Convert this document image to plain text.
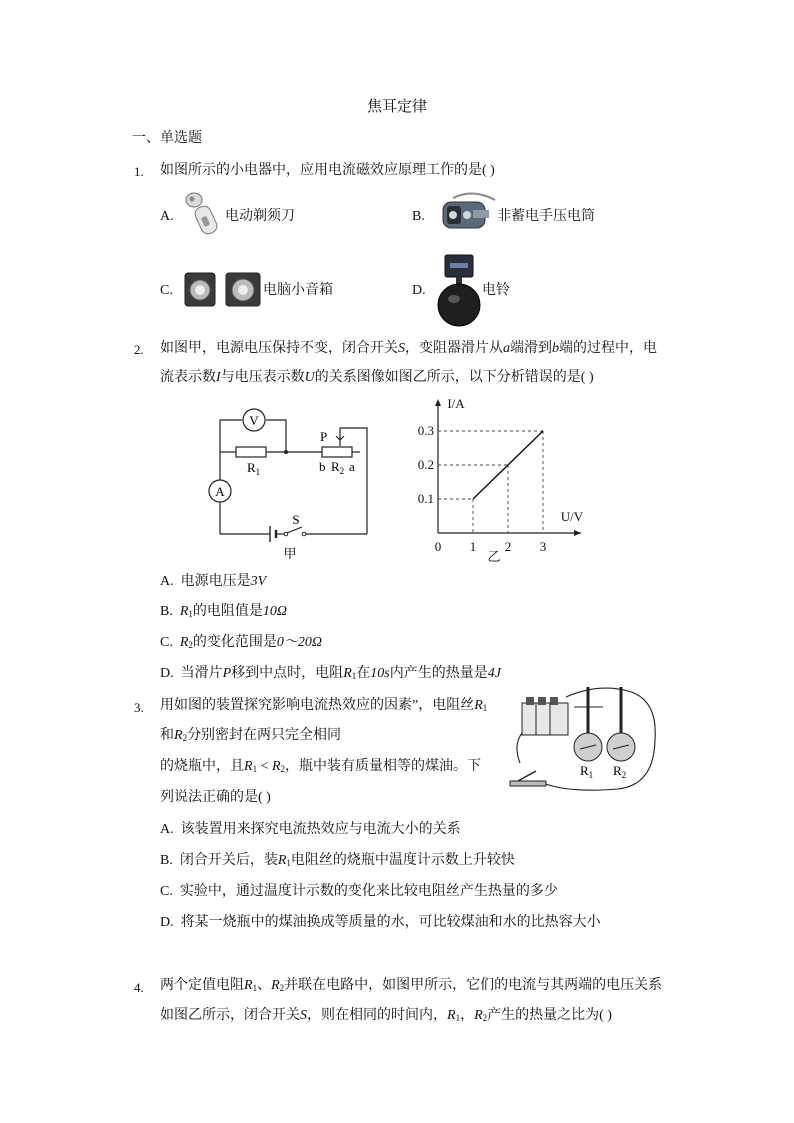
焦耳定律
一、单选题
1. 如图所示的小电器中，应用电流磁效应原理工作的是( )
A.	电动剃须刀	B.	非蓄电手压电筒
C.	电脑小音箱	D.	电铃
2. 如图甲，电源电压保持不变，闭合开关S，变阻器滑片从a端滑到b端的过程中，电
流表示数I与电压表示数U的关系图像如图乙所示，以下分析错误的是( )
V
A
$R_1$
P
b $R_2$ a
S
甲	1 2 3
0.1
0.2
0.3
0
I/A
U/V
乙
A. 电源电压是3V
B. $R_1$的电阻值是10Ω
C. $R_2$的变化范围是0～20Ω
D. 当滑片P移到中点时，电阻$R_1$在10s内产生的热量是4J
3. 用如图的装置探究影响电流热效应的因素”，电阻丝$R_1$
和$R_2$分别密封在两只完全相同
的烧瓶中，且$R_1 < R_2$，瓶中装有质量相等的煤油。下
列说法正确的是( )
$R_1$ $R_2$
A. 该装置用来探究电流热效应与电流大小的关系
B. 闭合开关后，装$R_1$电阻丝的烧瓶中温度计示数上升较快
C. 实验中，通过温度计示数的变化来比较电阻丝产生热量的多少
D. 将某一烧瓶中的煤油换成等质量的水，可比较煤油和水的比热容大小
4. 两个定值电阻$R_1$、$R_2$并联在电路中，如图甲所示，它们的电流与其两端的电压关系
如图乙所示，闭合开关S，则在相同的时间内，$R_1$，$R_2$产生的热量之比为( )
